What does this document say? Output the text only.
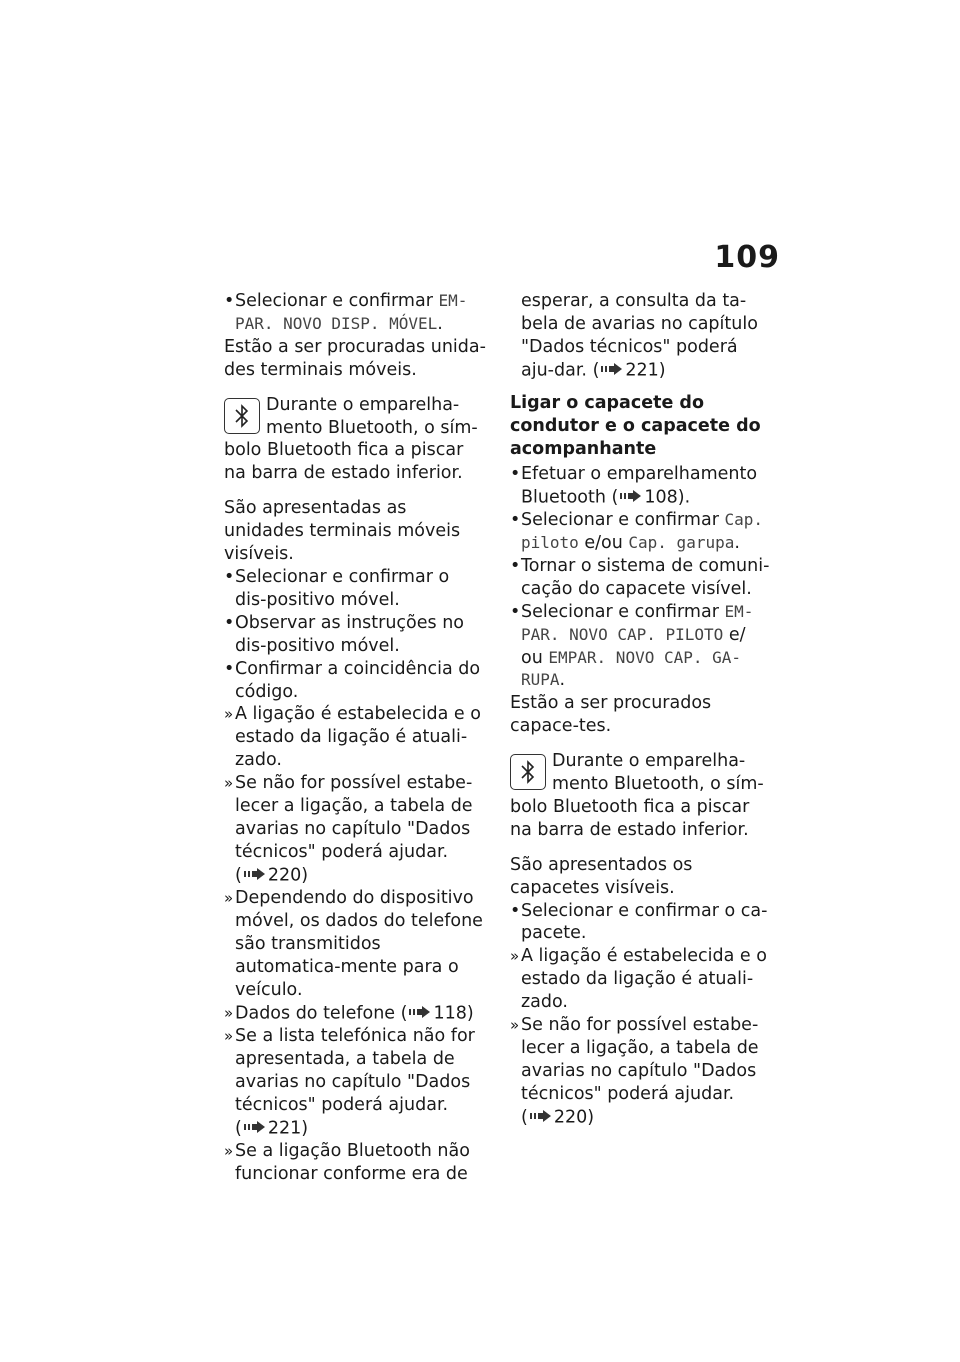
109
• Selecionar e confirmar EM- PAR. NOVO DISP. MÓVEL.

Estão a ser procuradas unida-des terminais móveis.

Durante o emparelha-
mento Bluetooth, o sím- bolo Bluetooth fica a piscar na barra de estado inferior.

São apresentadas as unidades terminais móveis visíveis.

• Selecionar e confirmar o dis-positivo móvel.
• Observar as instruções no dis-positivo móvel.
• Confirmar a coincidência do código.
» A ligação é estabelecida e o estado da ligação é atuali-zado.
» Se não for possível estabe-lecer a ligação, a tabela de avarias no capítulo "Dados técnicos" poderá ajudar.
( 220)
» Dependendo do dispositivo móvel, os dados do telefone são transmitidos automatica-mente para o veículo.
» Dados do telefone ( 118)
» Se a lista telefónica não for apresentada, a tabela de avarias no capítulo "Dados técnicos" poderá ajudar.
( 221)
» Se a ligação Bluetooth não funcionar conforme era de
esperar, a consulta da ta-bela de avarias no capítulo "Dados técnicos" poderá aju-dar. ( 221)
Ligar o capacete do condutor e o capacete do acompanhante
• Efetuar o emparelhamento Bluetooth ( 108).
• Selecionar e confirmar Cap. piloto e/ou Cap. garupa.
• Tornar o sistema de comuni-cação do capacete visível.
• Selecionar e confirmar EM-PAR. NOVO CAP. PILOTO e/ ou EMPAR. NOVO CAP. GA-RUPA.

Estão a ser procurados capace-tes.

Durante o emparelha-
mento Bluetooth, o sím- bolo Bluetooth fica a piscar na barra de estado inferior.

São apresentados os capacetes visíveis.

• Selecionar e confirmar o ca-pacete.
» A ligação é estabelecida e o estado da ligação é atuali-zado.
» Se não for possível estabe-lecer a ligação, a tabela de avarias no capítulo "Dados técnicos" poderá ajudar.
( 220)
